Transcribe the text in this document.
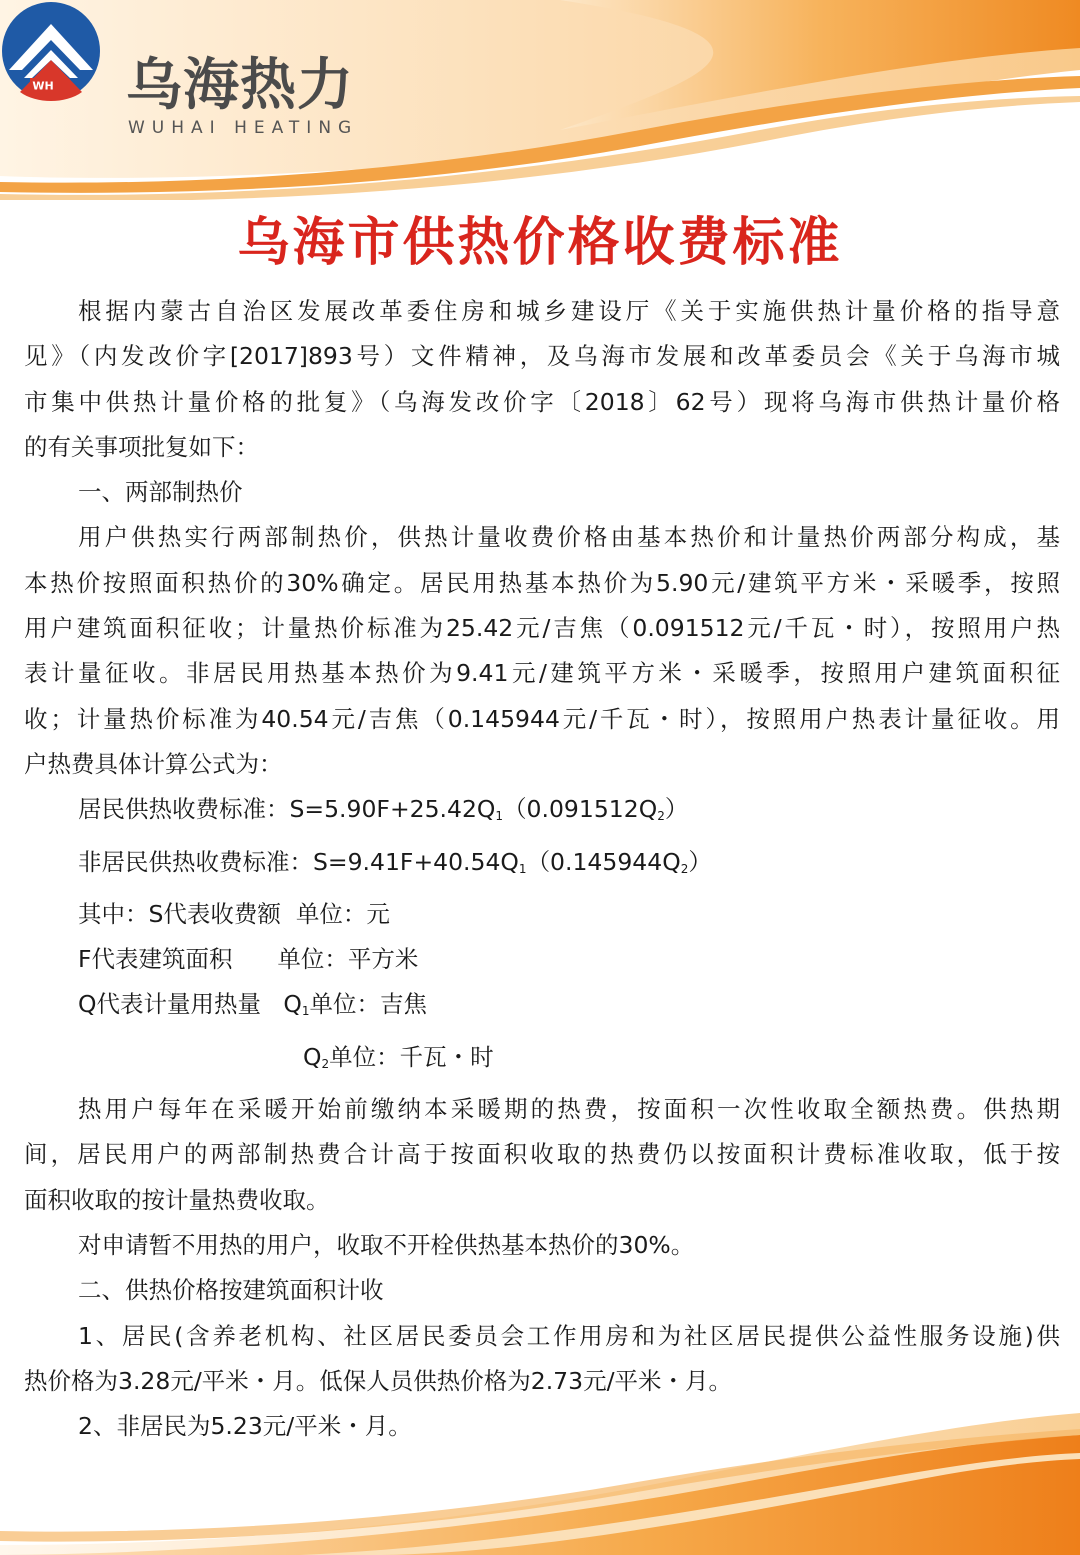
WH 乌海热力
WUHAI HEATING
乌海市供热价格收费标准

根据内蒙古自治区发展改革委住房和城乡建设厅《关于实施供热计量价格的指导意

见》（内发改价字[2017]893号）文件精神，及乌海市发展和改革委员会《关于乌海市城

市集中供热计量价格的批复》（乌海发改价字〔2018〕62号）现将乌海市供热计量价格

的有关事项批复如下：

一、两部制热价

用户供热实行两部制热价，供热计量收费价格由基本热价和计量热价两部分构成，基

本热价按照面积热价的30%确定。居民用热基本热价为5.90元/建筑平方米・采暖季，按照

用户建筑面积征收；计量热价标准为25.42元/吉焦（0.091512元/千瓦・时），按照用户热

表计量征收。非居民用热基本热价为9.41元/建筑平方米・采暖季，按照用户建筑面积征

收；计量热价标准为40.54元/吉焦（0.145944元/千瓦・时），按照用户热表计量征收。用

户热费具体计算公式为：

居民供热收费标准：$S=5.90F+25.42Q_1(0.091512Q_2)$

非居民供热收费标准：$S=9.41F+40.54Q_1(0.145944Q_2)$

其中：S代表收费额  单位：元

F代表建筑面积      单位：平方米

Q代表计量用热量   $Q_1$单位：吉焦

$Q_2$单位：千瓦・时

热用户每年在采暖开始前缴纳本采暖期的热费，按面积一次性收取全额热费。供热期

间，居民用户的两部制热费合计高于按面积收取的热费仍以按面积计费标准收取，低于按

面积收取的按计量热费收取。

对申请暂不用热的用户，收取不开栓供热基本热价的30%。

二、供热价格按建筑面积计收

1、居民(含养老机构、社区居民委员会工作用房和为社区居民提供公益性服务设施)供

热价格为3.28元/平米・月。低保人员供热价格为2.73元/平米・月。

2、非居民为5.23元/平米・月。
